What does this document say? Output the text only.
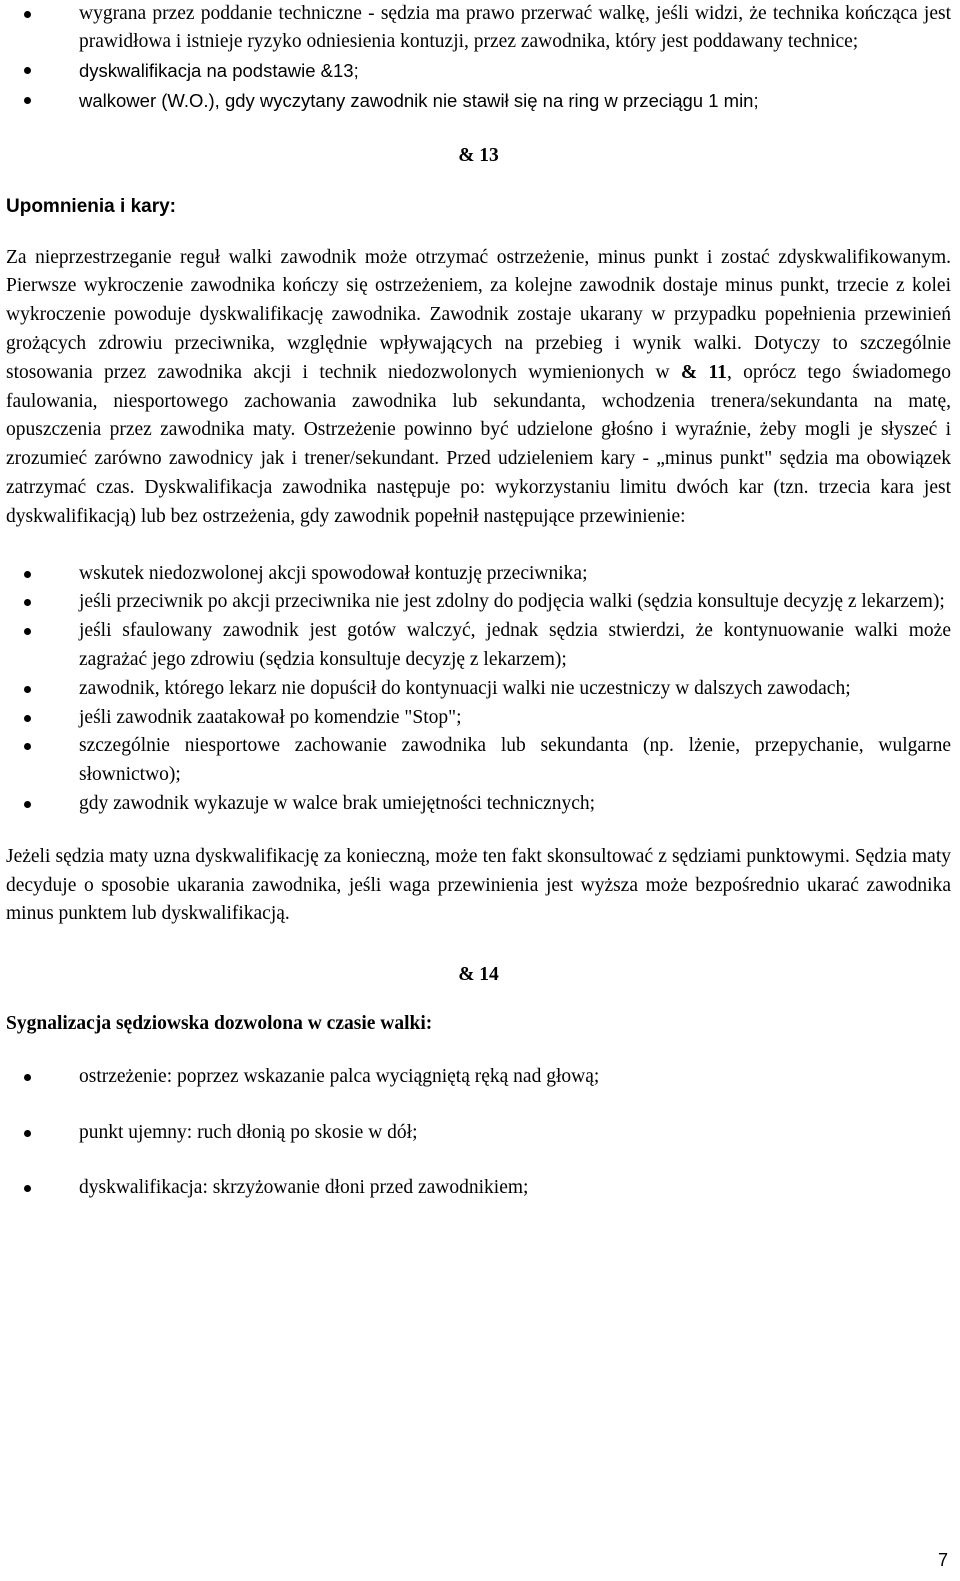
wygrana przez poddanie techniczne - sędzia ma prawo przerwać walkę, jeśli widzi, że technika kończąca jest prawidłowa i istnieje ryzyko odniesienia kontuzji, przez zawodnika, który jest poddawany technice;
dyskwalifikacja na podstawie &13;
walkower (W.O.), gdy wyczytany zawodnik nie stawił się na ring w przeciągu 1 min;

& 13

Upomnienia i kary:

Za nieprzestrzeganie reguł walki zawodnik może otrzymać ostrzeżenie, minus punkt i zostać zdyskwalifikowanym. Pierwsze wykroczenie zawodnika kończy się ostrzeżeniem, za kolejne zawodnik dostaje minus punkt, trzecie z kolei wykroczenie powoduje dyskwalifikację zawodnika. Zawodnik zostaje ukarany w przypadku popełnienia przewinień grożących zdrowiu przeciwnika, względnie wpływających na przebieg i wynik walki. Dotyczy to szczególnie stosowania przez zawodnika akcji i technik niedozwolonych wymienionych w & 11, oprócz tego świadomego faulowania, niesportowego zachowania zawodnika lub sekundanta, wchodzenia trenera/sekundanta na matę, opuszczenia przez zawodnika maty. Ostrzeżenie powinno być udzielone głośno i wyraźnie, żeby mogli je słyszeć i zrozumieć zarówno zawodnicy jak i trener/sekundant. Przed udzieleniem kary - „minus punkt" sędzia ma obowiązek zatrzymać czas. Dyskwalifikacja zawodnika następuje po: wykorzystaniu limitu dwóch kar (tzn. trzecia kara jest dyskwalifikacją) lub bez ostrzeżenia, gdy zawodnik popełnił następujące przewinienie:

wskutek niedozwolonej akcji spowodował kontuzję przeciwnika;
jeśli przeciwnik po akcji przeciwnika nie jest zdolny do podjęcia walki (sędzia konsultuje decyzję z lekarzem);
jeśli sfaulowany zawodnik jest gotów walczyć, jednak sędzia stwierdzi, że kontynuowanie walki może zagrażać jego zdrowiu (sędzia konsultuje decyzję z lekarzem);
zawodnik, którego lekarz nie dopuścił do kontynuacji walki nie uczestniczy w dalszych zawodach;
jeśli zawodnik zaatakował po komendzie "Stop";
szczególnie niesportowe zachowanie zawodnika lub sekundanta (np. lżenie, przepychanie, wulgarne słownictwo);
gdy zawodnik wykazuje w walce brak umiejętności technicznych;

Jeżeli sędzia maty uzna dyskwalifikację za konieczną, może ten fakt skonsultować z sędziami punktowymi. Sędzia maty decyduje o sposobie ukarania zawodnika, jeśli waga przewinienia jest wyższa może bezpośrednio ukarać zawodnika minus punktem lub dyskwalifikacją.

& 14

Sygnalizacja sędziowska dozwolona w czasie walki:

ostrzeżenie: poprzez wskazanie palca wyciągniętą ręką nad głową;
punkt ujemny: ruch dłonią po skosie w dół;
dyskwalifikacja: skrzyżowanie dłoni przed zawodnikiem;
7
